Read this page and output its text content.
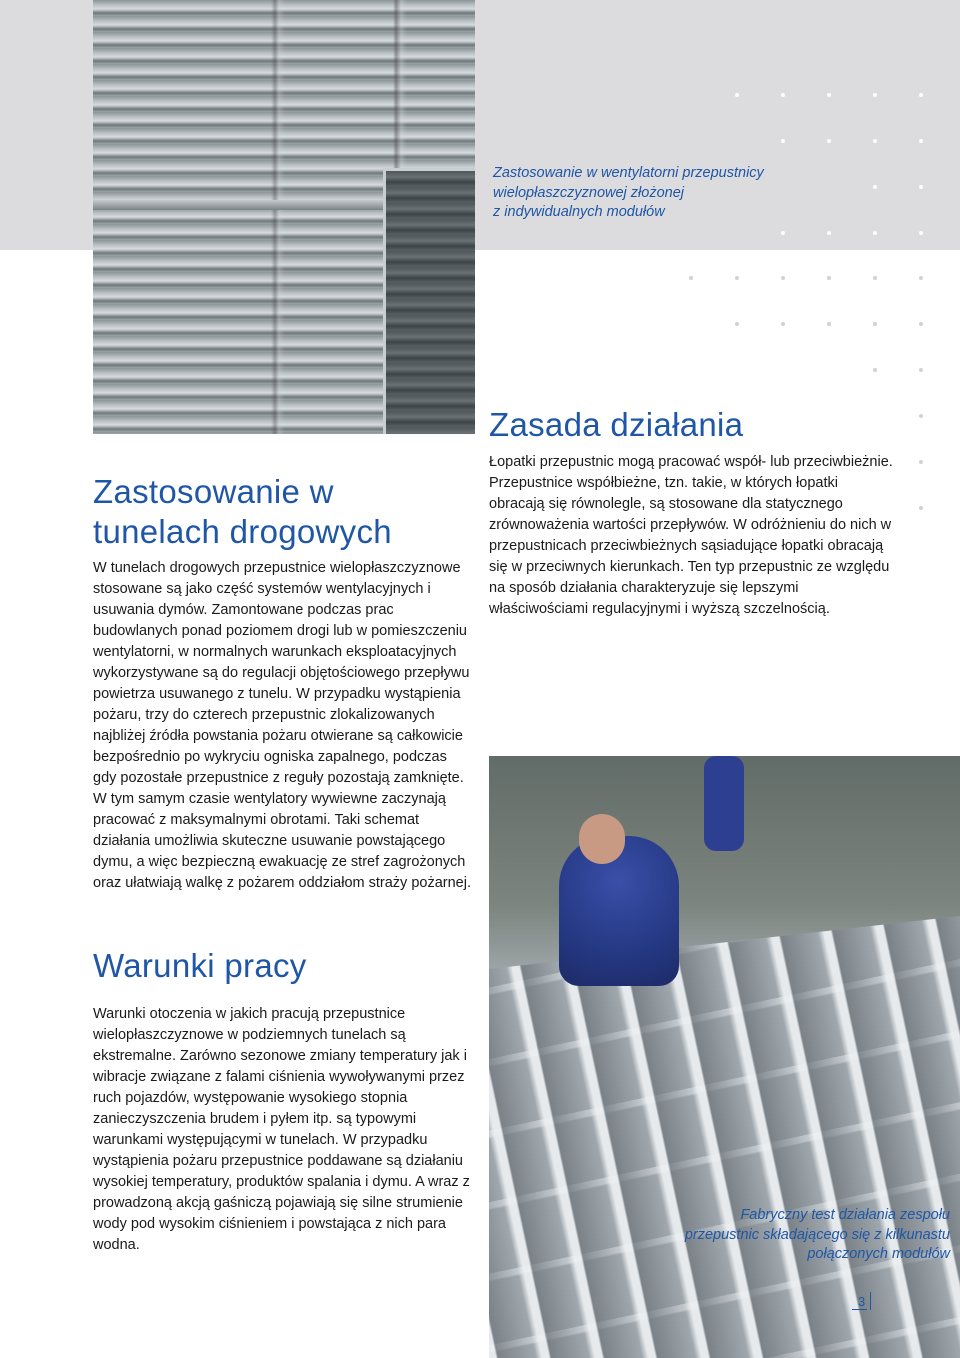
Zastosowanie w wentylatorni przepustnicy
wielopłaszczyznowej złożonej
z indywidualnych modułów
Zasada działania
Łopatki przepustnic mogą pracować współ- lub przeciwbieżnie.
Przepustnice współbieżne, tzn. takie, w których łopatki
obracają się równolegle, są stosowane dla statycznego
zrównoważenia wartości przepływów. W odróżnieniu do nich w
przepustnicach przeciwbieżnych sąsiadujące łopatki obracają
się w przeciwnych kierunkach. Ten typ przepustnic ze względu
na sposób działania charakteryzuje się lepszymi
właściwościami regulacyjnymi i wyższą szczelnością.
Zastosowanie w
tunelach drogowych
W tunelach drogowych przepustnice wielopłaszczyznowe
stosowane są jako część systemów wentylacyjnych i
usuwania dymów. Zamontowane podczas prac
budowlanych ponad poziomem drogi lub w pomieszczeniu
wentylatorni, w normalnych warunkach eksploatacyjnych
wykorzystywane są do regulacji objętościowego przepływu
powietrza usuwanego z tunelu. W przypadku wystąpienia
pożaru, trzy do czterech przepustnic zlokalizowanych
najbliżej źródła powstania pożaru otwierane są całkowicie
bezpośrednio po wykryciu ogniska zapalnego, podczas
gdy pozostałe przepustnice z reguły pozostają zamknięte.
W tym samym czasie wentylatory wywiewne zaczynają
pracować z maksymalnymi obrotami. Taki schemat
działania umożliwia skuteczne usuwanie powstającego
dymu, a więc bezpieczną ewakuację ze stref zagrożonych
oraz ułatwiają walkę z pożarem oddziałom straży pożarnej.
Warunki pracy
Warunki otoczenia w jakich pracują przepustnice
wielopłaszczyznowe w podziemnych tunelach są
ekstremalne. Zarówno sezonowe zmiany temperatury jak i
wibracje związane z falami ciśnienia wywoływanymi przez
ruch pojazdów, występowanie wysokiego stopnia
zanieczyszczenia brudem i pyłem itp. są typowymi
warunkami występującymi w tunelach. W przypadku
wystąpienia pożaru przepustnice poddawane są działaniu
wysokiej temperatury, produktów spalania i dymu. A wraz z
prowadzoną akcją gaśniczą pojawiają się silne strumienie
wody pod wysokim ciśnieniem i powstająca z nich para
wodna.
Fabryczny test działania zespołu
przepustnic składającego się z kilkunastu
połączonych modułów
3
